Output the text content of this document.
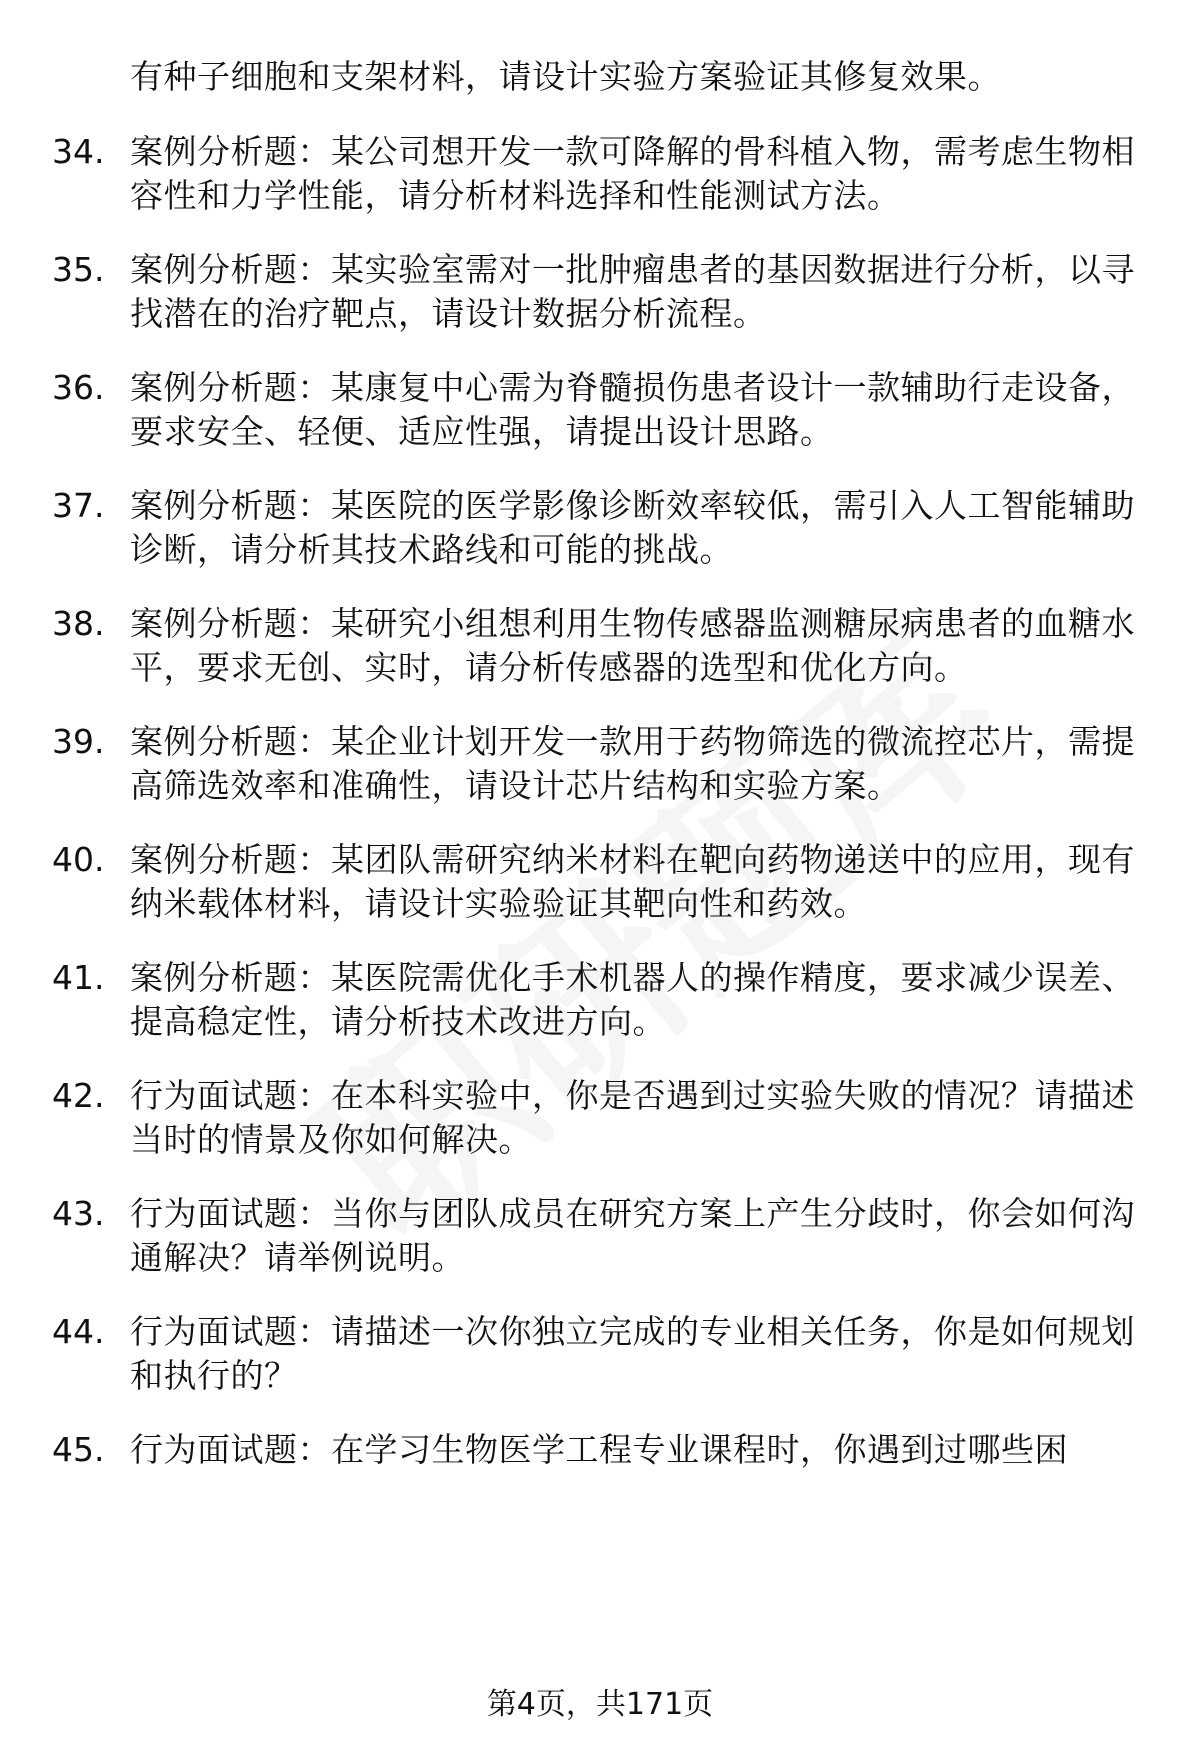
有种子细胞和支架材料，请设计实验方案验证其修复效果。
34. 案例分析题：某公司想开发一款可降解的骨科植入物，需考虑生物相容性和力学性能，请分析材料选择和性能测试方法。
35. 案例分析题：某实验室需对一批肿瘤患者的基因数据进行分析，以寻找潜在的治疗靶点，请设计数据分析流程。
36. 案例分析题：某康复中心需为脊髓损伤患者设计一款辅助行走设备，要求安全、轻便、适应性强，请提出设计思路。
37. 案例分析题：某医院的医学影像诊断效率较低，需引入人工智能辅助诊断，请分析其技术路线和可能的挑战。
38. 案例分析题：某研究小组想利用生物传感器监测糖尿病患者的血糖水平，要求无创、实时，请分析传感器的选型和优化方向。
39. 案例分析题：某企业计划开发一款用于药物筛选的微流控芯片，需提高筛选效率和准确性，请设计芯片结构和实验方案。
40. 案例分析题：某团队需研究纳米材料在靶向药物递送中的应用，现有纳米载体材料，请设计实验验证其靶向性和药效。
41. 案例分析题：某医院需优化手术机器人的操作精度，要求减少误差、提高稳定性，请分析技术改进方向。
42. 行为面试题：在本科实验中，你是否遇到过实验失败的情况？请描述当时的情景及你如何解决。
43. 行为面试题：当你与团队成员在研究方案上产生分歧时，你会如何沟通解决？请举例说明。
44. 行为面试题：请描述一次你独立完成的专业相关任务，你是如何规划和执行的？
45. 行为面试题：在学习生物医学工程专业课程时，你遇到过哪些困
第4页，共171页
